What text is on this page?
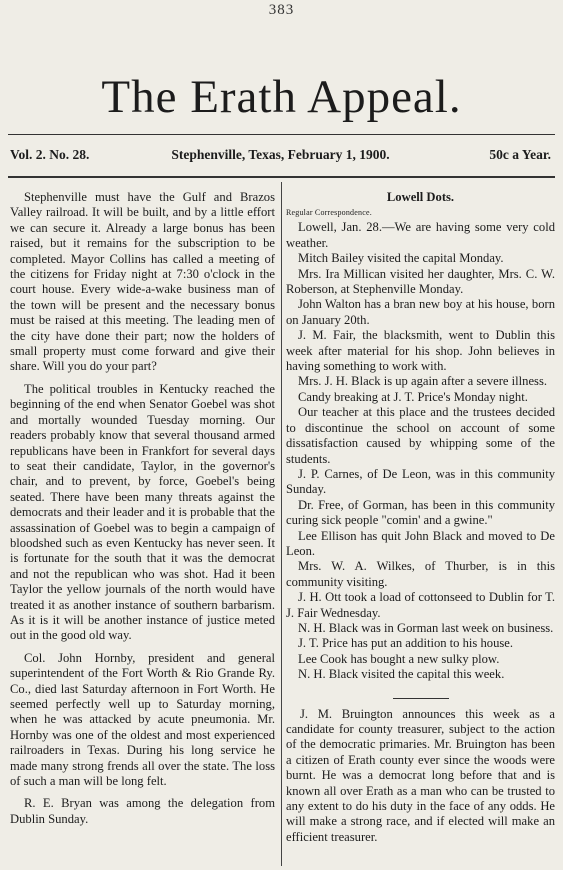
383
The Erath Appeal.
Stephenville, Texas, February 1, 1900.
Vol. 2. No. 28.	50c a Year.

Stephenville must have the Gulf and Brazos Valley railroad. It will be built, and by a little effort we can secure it. Already a large bonus has been raised, but it remains for the subscription to be completed. Mayor Collins has called a meeting of the citizens for Friday night at 7:30 o'clock in the court house. Every wide-a-wake business man of the town will be present and the necessary bonus must be raised at this meeting. The leading men of the city have done their part; now the holders of small property must come forward and give their share. Will you do your part?

The political troubles in Kentucky reached the beginning of the end when Senator Goebel was shot and mortally wounded Tuesday morning. Our readers probably know that several thousand armed republicans have been in Frankfort for several days to seat their candidate, Taylor, in the governor's chair, and to prevent, by force, Goebel's being seated. There have been many threats against the democrats and their leader and it is probable that the assassination of Goebel was to begin a campaign of bloodshed such as even Kentucky has never seen. It is fortunate for the south that it was the democrat and not the republican who was shot. Had it been Taylor the yellow journals of the north would have treated it as another instance of southern barbarism. As it is it will be another instance of justice meted out in the good old way.

Col. John Hornby, president and general superintendent of the Fort Worth & Rio Grande Ry. Co., died last Saturday afternoon in Fort Worth. He seemed perfectly well up to Saturday morning, when he was attacked by acute pneumonia. Mr. Hornby was one of the oldest and most experienced railroaders in Texas. During his long service he made many strong frends all over the state. The loss of such a man will be long felt.

R. E. Bryan was among the delegation from Dublin Sunday.

Lowell Dots.
Regular Correspondence.

Lowell, Jan. 28.—We are having some very cold weather.

Mitch Bailey visited the capital Monday.

Mrs. Ira Millican visited her daughter, Mrs. C. W. Roberson, at Stephenville Monday.

John Walton has a bran new boy at his house, born on January 20th.

J. M. Fair, the blacksmith, went to Dublin this week after material for his shop. John believes in having something to work with.

Mrs. J. H. Black is up again after a severe illness.

Candy breaking at J. T. Price's Monday night.

Our teacher at this place and the trustees decided to discontinue the school on account of some dissatisfaction caused by whipping some of the students.

J. P. Carnes, of De Leon, was in this community Sunday.

Dr. Free, of Gorman, has been in this community curing sick people "comin' and a gwine."

Lee Ellison has quit John Black and moved to De Leon.

Mrs. W. A. Wilkes, of Thurber, is in this community visiting.

J. H. Ott took a load of cottonseed to Dublin for T. J. Fair Wednesday.

N. H. Black was in Gorman last week on business.

J. T. Price has put an addition to his house.

Lee Cook has bought a new sulky plow.

N. H. Black visited the capital this week.

J. M. Bruington announces this week as a candidate for county treasurer, subject to the action of the democratic primaries. Mr. Bruington has been a citizen of Erath county ever since the woods were burnt. He was a democrat long before that and is known all over Erath as a man who can be trusted to any extent to do his duty in the face of any odds. He will make a strong race, and if elected will make an efficient treasurer.
